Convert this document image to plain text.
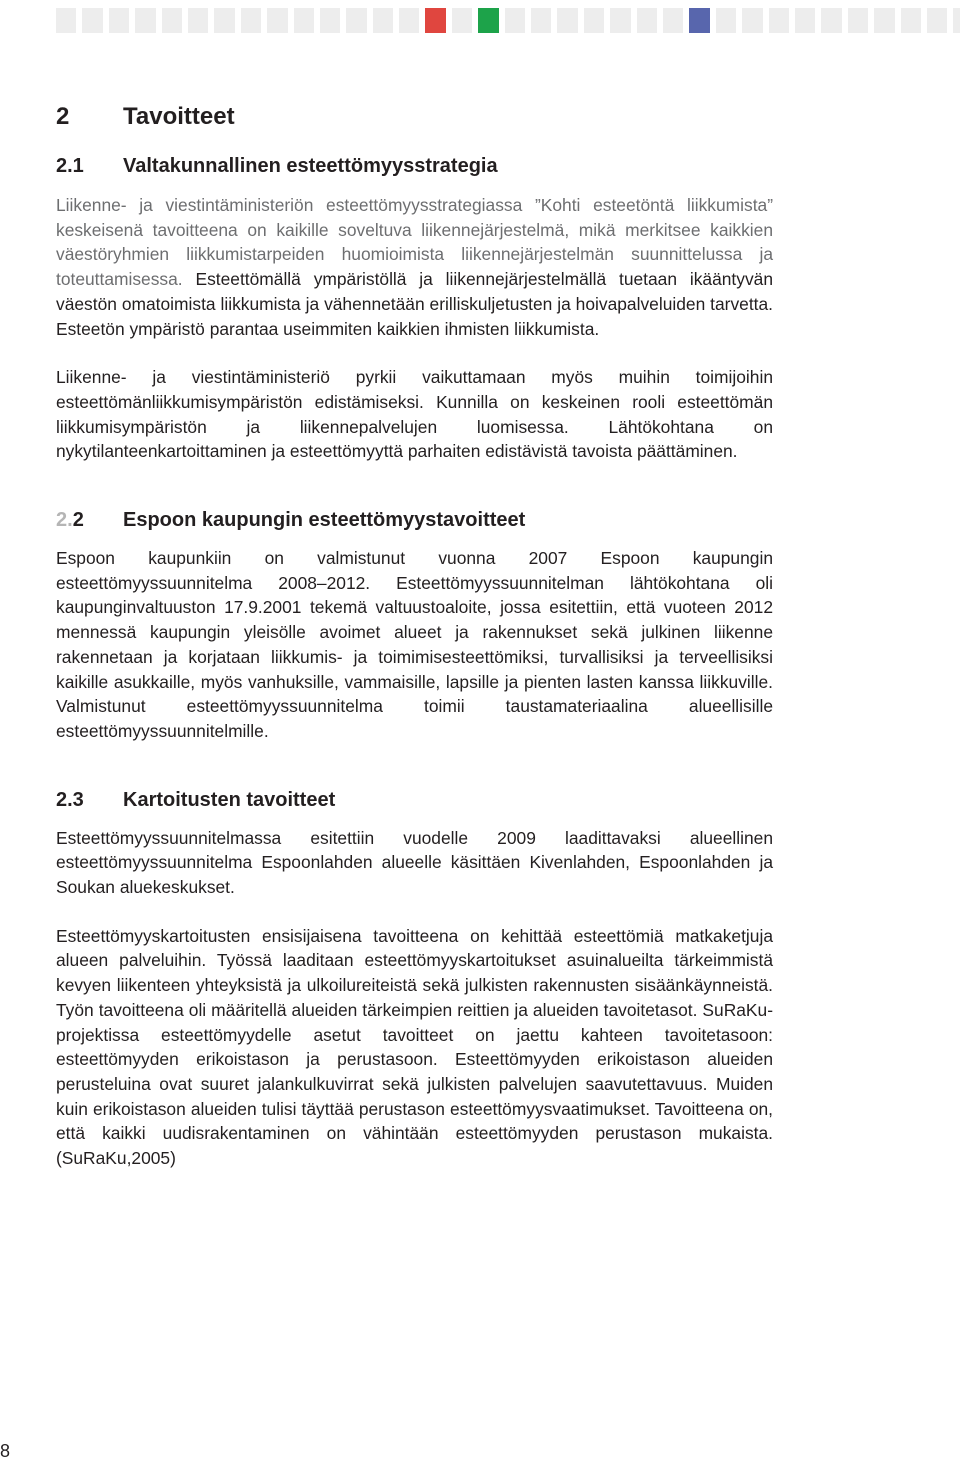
2	Tavoitteet
2.1	Valtakunnallinen esteettömyysstrategia

Liikenne- ja viestintäministeriön esteettömyysstrategiassa ”Kohti esteetöntä liikkumista” keskeisenä tavoitteena on kaikille soveltuva liikennejärjestelmä, mikä merkitsee kaikkien väestöryhmien liikkumistarpeiden huomioimista liikennejärjestelmän suunnittelussa ja toteuttamisessa. Esteettömällä ympäristöllä ja liikennejärjestelmällä tuetaan ikääntyvän väestön omatoimista liikkumista ja vähennetään erilliskuljetusten ja hoivapalveluiden tarvetta. Esteetön ympäristö parantaa useimmiten kaikkien ihmisten liikkumista.

Liikenne- ja viestintäministeriö pyrkii vaikuttamaan myös muihin toimijoihin esteettömänliikkumisympäristön edistämiseksi. Kunnilla on keskeinen rooli esteettömän liikkumisympäristön ja liikennepalvelujen luomisessa. Lähtökohtana on nykytilanteenkartoittaminen ja esteettömyyttä parhaiten edistävistä tavoista päättäminen.

2.2	Espoon kaupungin esteettömyystavoitteet

Espoon kaupunkiin on valmistunut vuonna 2007 Espoon kaupungin esteettömyyssuunnitelma 2008–2012. Esteettömyyssuunnitelman lähtökohtana oli kaupunginvaltuuston 17.9.2001 tekemä valtuustoaloite, jossa esitettiin, että vuoteen 2012 mennessä kaupungin yleisölle avoimet alueet ja rakennukset sekä julkinen liikenne rakennetaan ja korjataan liikkumis- ja toimimisesteettömiksi, turvallisiksi ja terveellisiksi kaikille asukkaille, myös vanhuksille, vammaisille, lapsille ja pienten lasten kanssa liikkuville. Valmistunut esteettömyyssuunnitelma toimii taustamateriaalina alueellisille esteettömyyssuunnitelmille.

2.3	Kartoitusten tavoitteet

Esteettömyyssuunnitelmassa esitettiin vuodelle 2009 laadittavaksi alueellinen esteettömyyssuunnitelma Espoonlahden alueelle käsittäen Kivenlahden, Espoonlahden ja Soukan aluekeskukset.

Esteettömyyskartoitusten ensisijaisena tavoitteena on kehittää esteettömiä matkaketjuja alueen palveluihin. Työssä laaditaan esteettömyyskartoitukset asuinalueilta tärkeimmistä kevyen liikenteen yhteyksistä ja ulkoilureiteistä sekä julkisten rakennusten sisäänkäynneistä. Työn tavoitteena oli määritellä alueiden tärkeimpien reittien ja alueiden tavoitetasot. SuRaKu-projektissa esteettömyydelle asetut tavoitteet on jaettu kahteen tavoitetasoon: esteettömyyden erikoistason ja perustasoon. Esteettömyyden erikoistason alueiden perusteluina ovat suuret jalankulkuvirrat sekä julkisten palvelujen saavutettavuus. Muiden kuin erikoistason alueiden tulisi täyttää perustason esteettömyysvaatimukset. Tavoitteena on, että kaikki uudisrakentaminen on vähintään esteettömyyden perustason mukaista. (SuRaKu,2005)

8
